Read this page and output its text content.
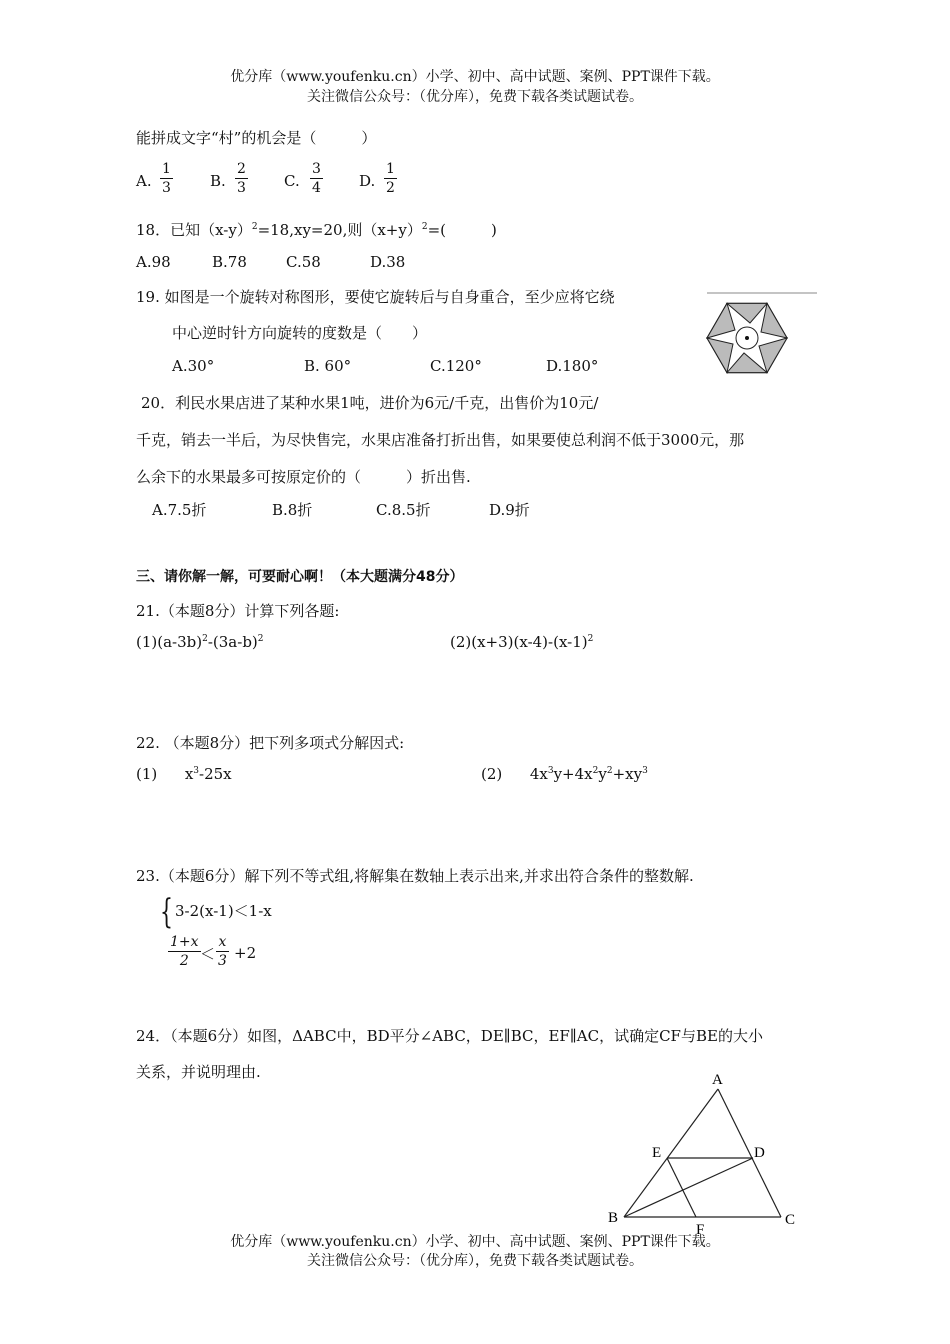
优分库（www.youfenku.cn）小学、初中、高中试题、案例、PPT课件下载。
关注微信公众号：（优分库），免费下载各类试题试卷。
能拼成文字“村”的机会是（　　　）
A. $\frac{1}{3} B$. $\frac{2}{3} C$. $\frac{3}{4} D$. $\frac{1}{2}$
18．已知$(x-y)^2=18,xy=20$,则$(x+y)^2=$(　　　)
A.98	B.78	C.58	D.38
19. 如图是一个旋转对称图形，要使它旋转后与自身重合，至少应将它绕
中心逆时针方向旋转的度数是（　　）
A.30°	B. 60°	C.120°	D.180°
20．利民水果店进了某种水果1吨，进价为6元/千克，出售价为10元/
千克，销去一半后，为尽快售完，水果店准备打折出售，如果要使总利润不低于3000元，那
么余下的水果最多可按原定价的（　　　）折出售.
A.7.5折	B.8折	C.8.5折	D.9折
三、请你解一解，可要耐心啊！（本大题满分48分）
21.（本题8分）计算下列各题:
$(1)(a-3b)^2-(3a-b)^2$	$(2)(x+3)(x-4)-(x-1)^2$
22. （本题8分）把下列多项式分解因式:
(1) $x^3-25x$	(2) $4x^3y+4x^2y^2+xy^3$
23.（本题6分）解下列不等式组,将解集在数轴上表示出来,并求出符合条件的整数解.
{ 3-2(x-1)＜1-x
$\frac{1+x}{2} < \frac{x}{3} +2$
24．（本题6分）如图，ΔABC中，BD平分∠ABC，DE∥BC，EF∥AC，试确定CF与BE的大小
关系，并说明理由.	A
B	C
D
E
F
优分库（www.youfenku.cn）小学、初中、高中试题、案例、PPT课件下载。
关注微信公众号：（优分库），免费下载各类试题试卷。
